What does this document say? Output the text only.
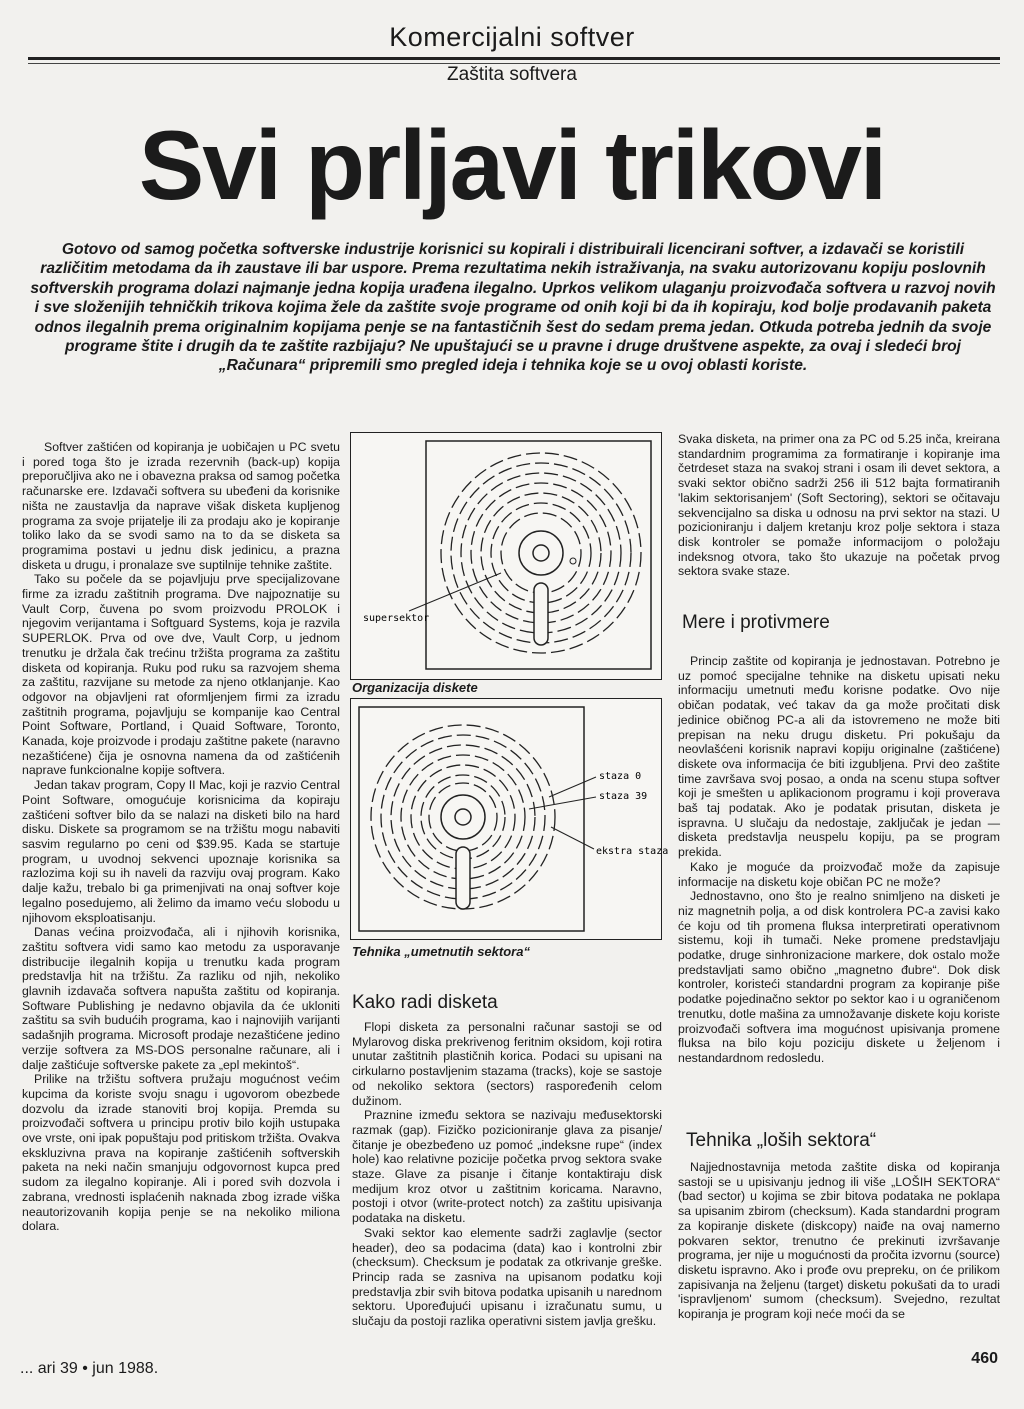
Komercijalni softver
Zaštita softvera
Svi prljavi trikovi
Gotovo od samog početka softverske industrije korisnici su kopirali i distribuirali licencirani softver, a izdavači se koristili različitim metodama da ih zaustave ili bar uspore. Prema rezultatima nekih istraživanja, na svaku autorizovanu kopiju poslovnih softverskih programa dolazi najmanje jedna kopija urađena ilegalno. Uprkos velikom ulaganju proizvođača softvera u razvoj novih i sve složenijih tehničkih trikova kojima žele da zaštite svoje programe od onih koji bi da ih kopiraju, kod bolje prodavanih paketa odnos ilegalnih prema originalnim kopijama penje se na fantastičnih šest do sedam prema jedan. Otkuda potreba jednih da svoje programe štite i drugih da te zaštite razbijaju? Ne upuštajući se u pravne i druge društvene aspekte, za ovaj i sledeći broj „Računara“ pripremili smo pregled ideja i tehnika koje se u ovoj oblasti koriste.

Softver zaštićen od kopiranja je uobičajen u PC svetu i pored toga što je izrada rezervnih (back-up) kopija preporučljiva ako ne i obavezna praksa od samog početka računarske ere. Izdavači softvera su ubeđeni da korisnike ništa ne zaustavlja da naprave višak disketa kupljenog programa za svoje prijatelje ili za prodaju ako je kopiranje toliko lako da se svodi samo na to da se disketa sa programima postavi u jednu disk jedinicu, a prazna disketa u drugu, i pronalaze sve suptilnije tehnike zaštite.

Tako su počele da se pojavljuju prve specijalizovane firme za izradu zaštitnih programa. Dve najpoznatije su Vault Corp, čuvena po svom proizvodu PROLOK i njegovim verijantama i Softguard Systems, koja je razvila SUPERLOK. Prva od ove dve, Vault Corp, u jednom trenutku je držala čak trećinu tržišta programa za zaštitu disketa od kopiranja. Ruku pod ruku sa razvojem shema za zaštitu, razvijane su metode za njeno otklanjanje. Kao odgovor na objavljeni rat oformljenjem firmi za izradu zaštitnih programa, pojavljuju se kompanije kao Central Point Software, Portland, i Quaid Software, Toronto, Kanada, koje proizvode i prodaju zaštitne pakete (naravno nezaštićene) čija je osnovna namena da od zaštićenih naprave funkcionalne kopije softvera.

Jedan takav program, Copy II Mac, koji je razvio Central Point Software, omogućuje korisnicima da kopiraju zaštićeni softver bilo da se nalazi na disketi bilo na hard disku. Diskete sa programom se na tržištu mogu nabaviti sasvim regularno po ceni od $39.95. Kada se startuje program, u uvodnoj sekvenci upoznaje korisnika sa razlozima koji su ih naveli da razviju ovaj program. Kako dalje kažu, trebalo bi ga primenjivati na onaj softver koje legalno posedujemo, ali želimo da imamo veću slobodu u njihovom eksploatisanju.

Danas većina proizvođača, ali i njihovih korisnika, zaštitu softvera vidi samo kao metodu za usporavanje distribucije ilegalnih kopija u trenutku kada program predstavlja hit na tržištu. Za razliku od njih, nekoliko glavnih izdavača softvera napušta zaštitu od kopiranja. Software Publishing je nedavno objavila da će ukloniti zaštitu sa svih budućih programa, kao i najnovijih varijanti sadašnjih programa. Microsoft prodaje nezaštićene jedino verzije softvera za MS-DOS personalne računare, ali i dalje zaštićuje softverske pakete za „epl mekintoš“.

Prilike na tržištu softvera pružaju mogućnost većim kupcima da koriste svoju snagu i ugovorom obezbede dozvolu da izrade stanoviti broj kopija. Premda su proizvođači softvera u principu protiv bilo kojih ustupaka ove vrste, oni ipak popuštaju pod pritiskom tržišta. Ovakva ekskluzivna prava na kopiranje zaštićenih softverskih paketa na neki način smanjuju odgovornost kupca pred sudom za ilegalno kopiranje. Ali i pored svih dozvola i zabrana, vrednosti isplaćenih naknada zbog izrade viška neautorizovanih kopija penje se na nekoliko miliona dolara.

supersektor
Organizacija diskete
staza 0
staza 39
ekstra staza
Tehnika „umetnutih sektora“
Kako radi disketa

Flopi disketa za personalni računar sastoji se od Mylarovog diska prekrivenog feritnim oksidom, koji rotira unutar zaštitnih plastičnih korica. Podaci su upisani na cirkularno postavljenim stazama (tracks), koje se sastoje od nekoliko sektora (sectors) raspoređenih celom dužinom.

Praznine između sektora se nazivaju međusektorski razmak (gap). Fizičko pozicioniranje glava za pisanje/čitanje je obezbeđeno uz pomoć „indeksne rupe“ (index hole) kao relativne pozicije početka prvog sektora svake staze. Glave za pisanje i čitanje kontaktiraju disk medijum kroz otvor u zaštitnim koricama. Naravno, postoji i otvor (write-protect notch) za zaštitu upisivanja podataka na disketu.

Svaki sektor kao elemente sadrži zaglavlje (sector header), deo sa podacima (data) kao i kontrolni zbir (checksum). Checksum je podatak za otkrivanje greške. Princip rada se zasniva na upisanom podatku koji predstavlja zbir svih bitova podatka upisanih u narednom sektoru. Upoređujući upisanu i izračunatu sumu, u slučaju da postoji razlika operativni sistem javlja grešku.

Svaka disketa, na primer ona za PC od 5.25 inča, kreirana standardnim programima za formatiranje i kopiranje ima četrdeset staza na svakoj strani i osam ili devet sektora, a svaki sektor obično sadrži 256 ili 512 bajta formatiranih 'lakim sektorisanjem' (Soft Sectoring), sektori se očitavaju sekvencijalno sa diska u odnosu na prvi sektor na stazi. U pozicioniranju i daljem kretanju kroz polje sektora i staza disk kontroler se pomaže informacijom o položaju indeksnog otvora, tako što ukazuje na početak prvog sektora svake staze.

Mere i protivmere

Princip zaštite od kopiranja je jednostavan. Potrebno je uz pomoć specijalne tehnike na disketu upisati neku informaciju umetnuti među korisne podatke. Ovo nije običan podatak, već takav da ga može pročitati disk jedinice običnog PC-a ali da istovremeno ne može biti prepisan na neku drugu disketu. Pri pokušaju da neovlašćeni korisnik napravi kopiju originalne (zaštićene) diskete ova informacija će biti izgubljena. Prvi deo zaštite time završava svoj posao, a onda na scenu stupa softver koji je smešten u aplikacionom programu i koji proverava baš taj podatak. Ako je podatak prisutan, disketa je ispravna. U slučaju da nedostaje, zaključak je jedan — disketa predstavlja neuspelu kopiju, pa se program prekida.

Kako je moguće da proizvođač može da zapisuje informacije na disketu koje običan PC ne može?

Jednostavno, ono što je realno snimljeno na disketi je niz magnetnih polja, a od disk kontrolera PC-a zavisi kako će koju od tih promena fluksa interpretirati operativnom sistemu, koji ih tumači. Neke promene predstavljaju podatke, druge sinhronizacione markere, dok ostalo može predstavljati samo obično „magnetno đubre“. Dok disk kontroler, koristeći standardni program za kopiranje piše podatke pojedinačno sektor po sektor kao i u ograničenom trenutku, dotle mašina za umnožavanje diskete koju koriste proizvođači softvera ima mogućnost upisivanja promene fluksa na bilo koju poziciju diskete u željenom i nestandardnom redosledu.

Tehnika „loših sektora“

Najjednostavnija metoda zaštite diska od kopiranja sastoji se u upisivanju jednog ili više „LOŠIH SEKTORA“ (bad sector) u kojima se zbir bitova podataka ne poklapa sa upisanim zbirom (checksum). Kada standardni program za kopiranje diskete (diskcopy) naiđe na ovaj namerno pokvaren sektor, trenutno će prekinuti izvršavanje programa, jer nije u mogućnosti da pročita izvornu (source) disketu ispravno. Ako i prođe ovu prepreku, on će prilikom zapisivanja na željenu (target) disketu pokušati da to uradi 'ispravljenom' sumom (checksum). Svejedno, rezultat kopiranja je program koji neće moći da se

... ari 39 • jun 1988.
460
